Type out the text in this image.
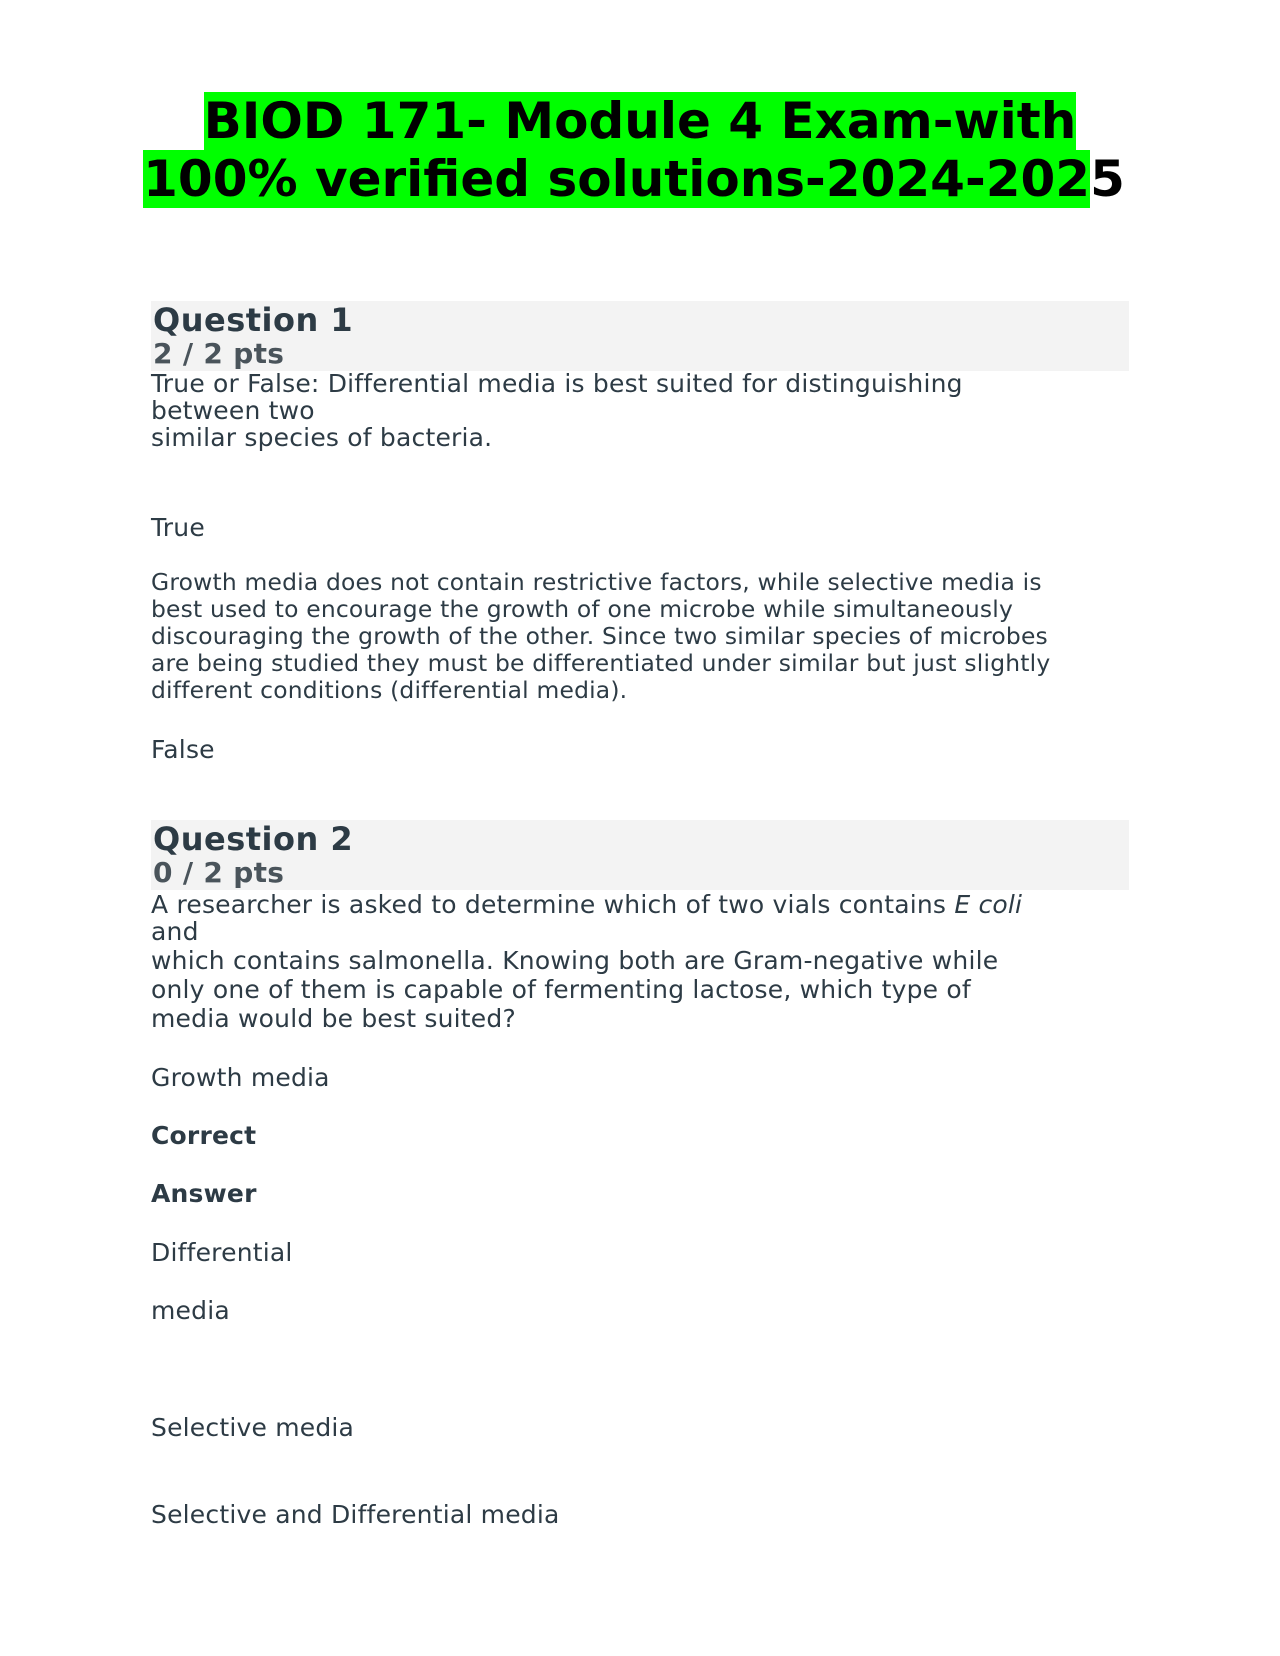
BIOD 171- Module 4 Exam-with

100% verified solutions-2024-2025
Question 1
2 / 2 pts
True or False: Differential media is best suited for distinguishing
between two
similar species of bacteria.
True
Growth media does not contain restrictive factors, while selective media is
best used to encourage the growth of one microbe while simultaneously
discouraging the growth of the other. Since two similar species of microbes
are being studied they must be differentiated under similar but just slightly
different conditions (differential media).
False
Question 2
0 / 2 pts
A researcher is asked to determine which of two vials contains E coli
and
which contains salmonella. Knowing both are Gram-negative while
only one of them is capable of fermenting lactose, which type of
media would be best suited?
Growth media
Correct
Answer
Differential
media
Selective media
Selective and Differential media
